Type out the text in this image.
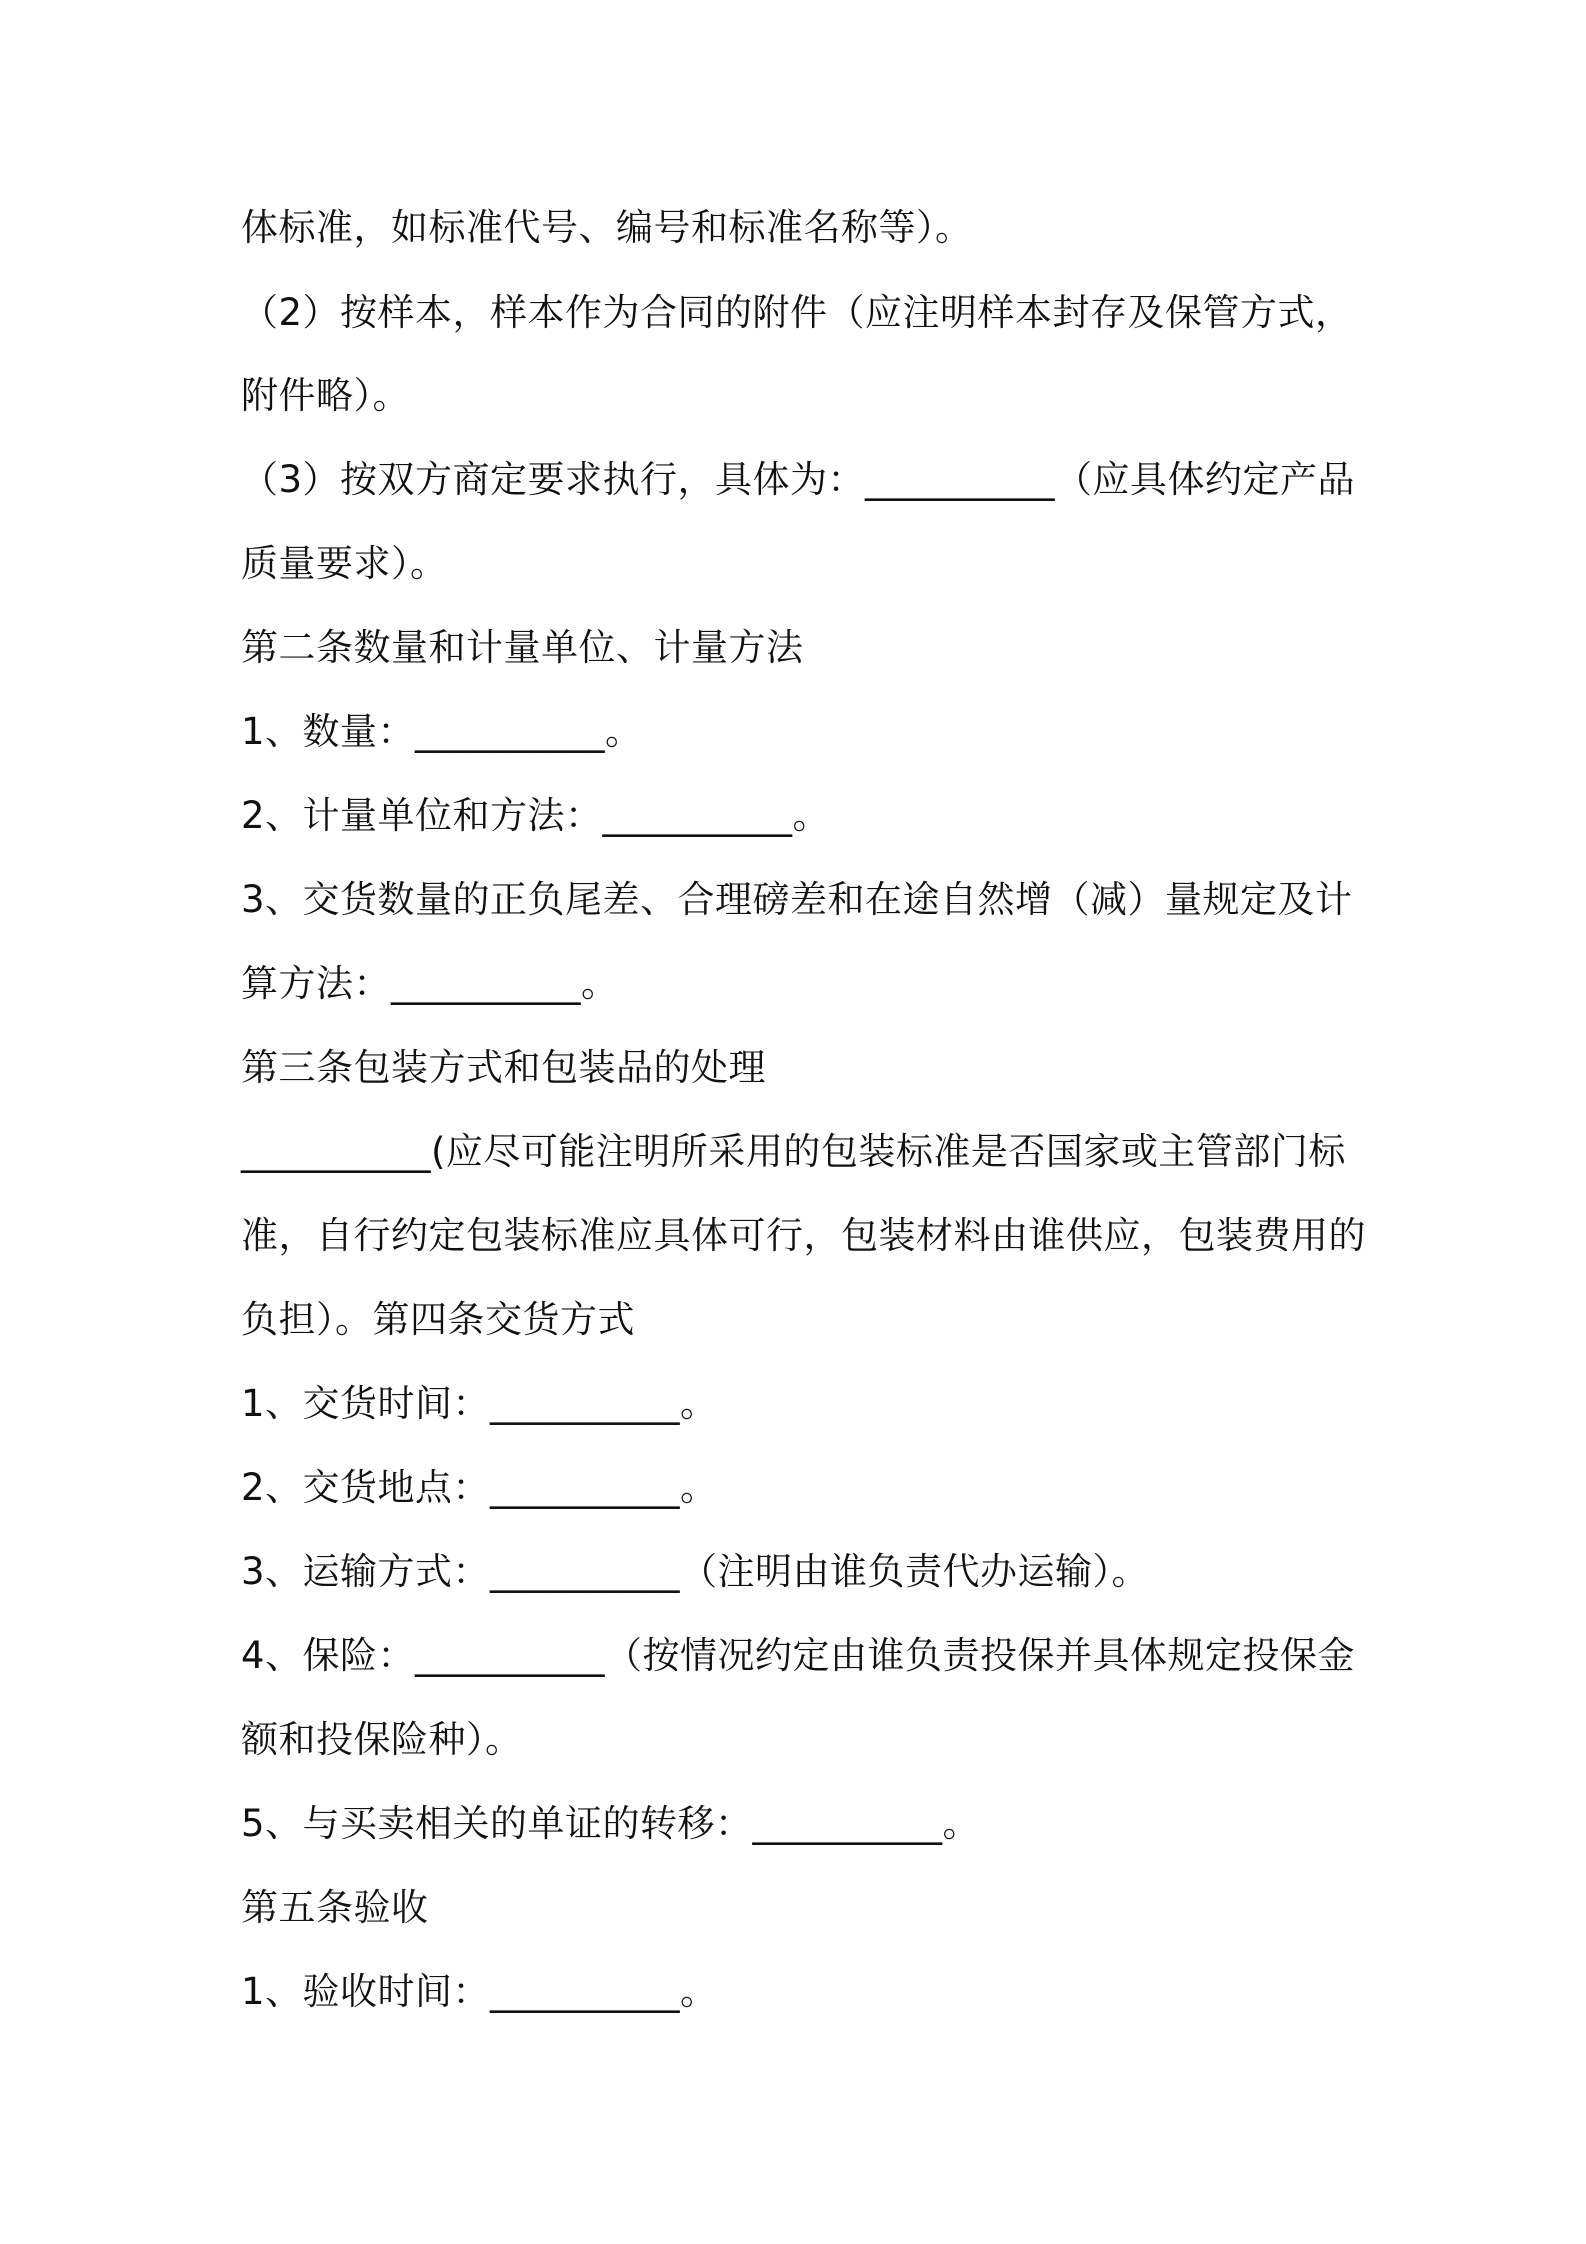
体标准，如标准代号、编号和标准名称等）。
（2）按样本，样本作为合同的附件（应注明样本封存及保管方式，
附件略）。
（3）按双方商定要求执行，具体为：__________（应具体约定产品
质量要求）。
第二条数量和计量单位、计量方法
1、数量：__________。
2、计量单位和方法：__________。
3、交货数量的正负尾差、合理磅差和在途自然增（减）量规定及计
算方法：__________。
第三条包装方式和包装品的处理
__________(应尽可能注明所采用的包装标准是否国家或主管部门标
准，自行约定包装标准应具体可行，包装材料由谁供应，包装费用的
负担）。第四条交货方式
1、交货时间：__________。
2、交货地点：__________。
3、运输方式：__________（注明由谁负责代办运输）。
4、保险：__________（按情况约定由谁负责投保并具体规定投保金
额和投保险种）。
5、与买卖相关的单证的转移：__________。
第五条验收
1、验收时间：__________。
